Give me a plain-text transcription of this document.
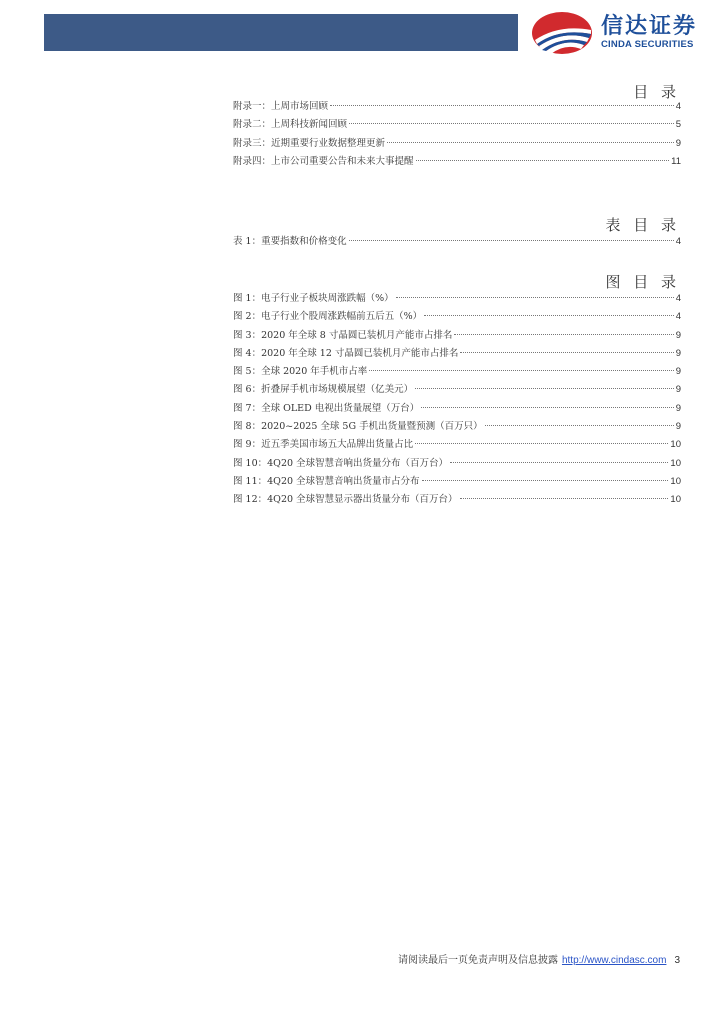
信达证券
CINDA SECURITIES
目 录
附录一：上周市场回顾	4
附录二：上周科技新闻回顾	5
附录三：近期重要行业数据整理更新	9
附录四：上市公司重要公告和未来大事提醒	11
表 目 录
表 1：重要指数和价格变化	4
图 目 录
图 1：电子行业子板块周涨跌幅（%）	4
图 2：电子行业个股周涨跌幅前五后五（%）	4
图 3：2020 年全球 8 寸晶圆已装机月产能市占排名	9
图 4：2020 年全球 12 寸晶圆已装机月产能市占排名	9
图 5：全球 2020 年手机市占率	9
图 6：折叠屏手机市场规模展望（亿美元）	9
图 7：全球 OLED 电视出货量展望（万台）	9
图 8：2020~2025 全球 5G 手机出货量暨预测（百万只）	9
图 9：近五季美国市场五大品牌出货量占比	10
图 10：4Q20 全球智慧音响出货量分布（百万台）	10
图 11：4Q20 全球智慧音响出货量市占分布	10
图 12：4Q20 全球智慧显示器出货量分布（百万台）	10
请阅读最后一页免责声明及信息披露 http://www.cindasc.com 3
